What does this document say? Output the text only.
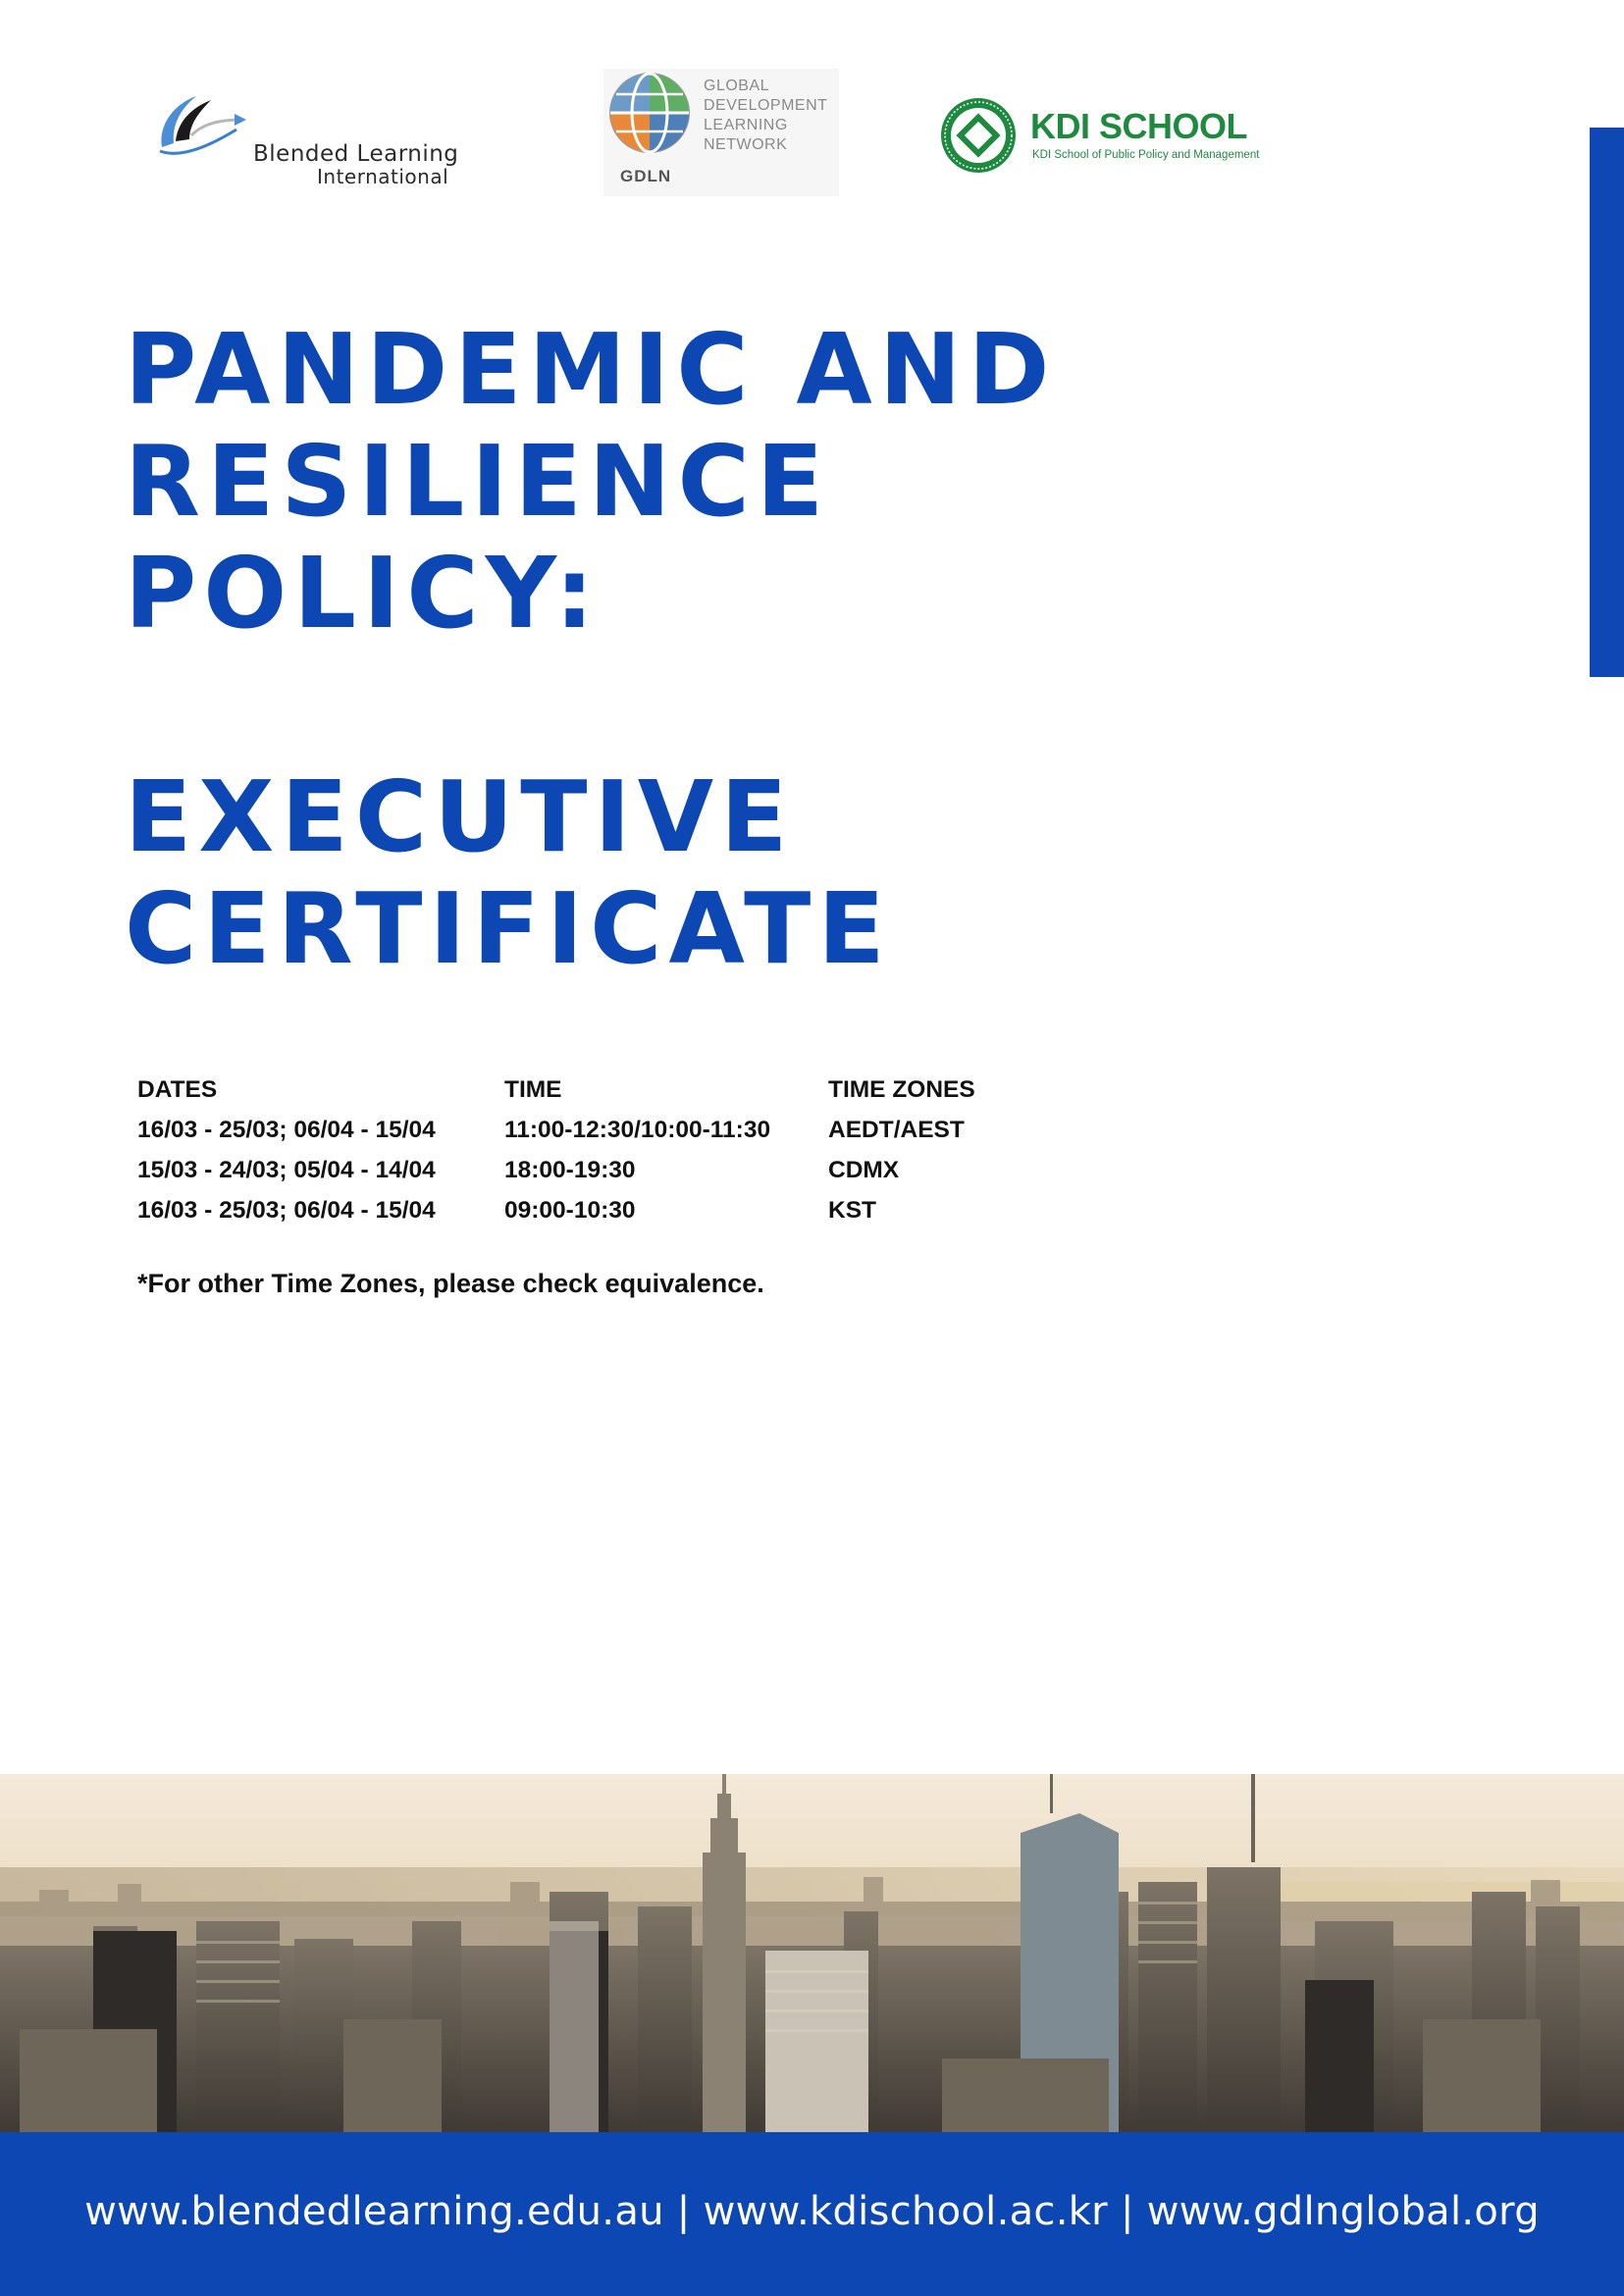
Blended Learning
International	GDLN
GLOBAL
DEVELOPMENT
LEARNING
NETWORK	KDI SCHOOL
KDI School of Public Policy and Management
PANDEMIC AND
RESILIENCE
POLICY:
EXECUTIVE
CERTIFICATE
DATES	TIME	TIME ZONES
16/03 - 25/03; 06/04 - 15/04	11:00-12:30/10:00-11:30 AEDT/AEST
15/03 - 24/03; 05/04 - 14/04	18:00-19:30	CDMX
16/03 - 25/03; 06/04 - 15/04	09:00-10:30	KST
*For other Time Zones, please check equivalence.
www.blendedlearning.edu.au | www.kdischool.ac.kr | www.gdlnglobal.org
